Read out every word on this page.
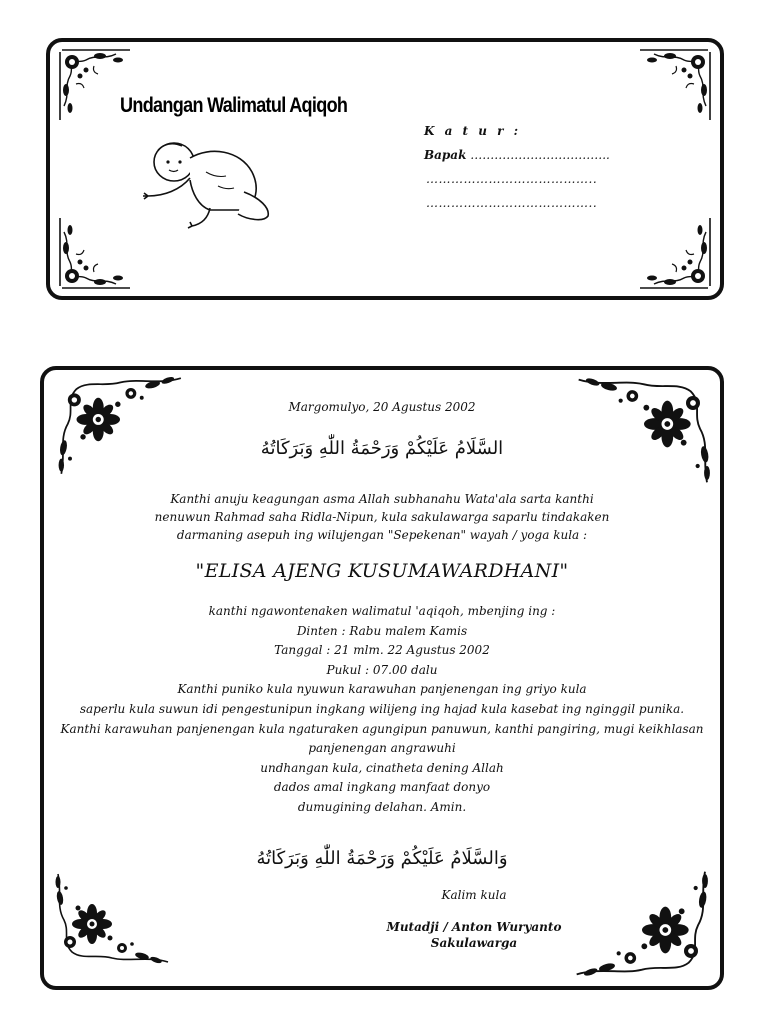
Undangan Walimatul Aqiqoh
K a t u r :
Bapak ……………………………..
…………………………………..
…………………………………..
Margomulyo, 20 Agustus 2002
السَّلَامُ عَلَيْكُمْ وَرَحْمَةُ اللّٰهِ وَبَرَكَاتُهُ
Kanthi anuju keagungan asma Allah subhanahu Wata'ala sarta kanthi
nenuwun Rahmad saha Ridla-Nipun, kula sakulawarga saparlu tindakaken
darmaning asepuh ing wilujengan "Sepekenan" wayah / yoga kula :
"ELISA AJENG KUSUMAWARDHANI"
kanthi ngawontenaken walimatul 'aqiqoh, mbenjing ing :
Dinten : Rabu malem Kamis
Tanggal : 21 mlm. 22 Agustus 2002
Pukul : 07.00 dalu
Kanthi puniko kula nyuwun karawuhan panjenengan ing griyo kula
saperlu kula suwun idi pengestunipun ingkang wilijeng ing hajad kula kasebat ing nginggil punika.
Kanthi karawuhan panjenengan kula ngaturaken agungipun panuwun, kanthi pangiring, mugi keikhlasan
panjenengan angrawuhi
undhangan kula, cinatheta dening Allah
dados amal ingkang manfaat donyo
dumugining delahan. Amin.
وَالسَّلَامُ عَلَيْكُمْ وَرَحْمَةُ اللّٰهِ وَبَرَكَاتُهُ
Kalim kula
Mutadji / Anton Wuryanto
Sakulawarga
